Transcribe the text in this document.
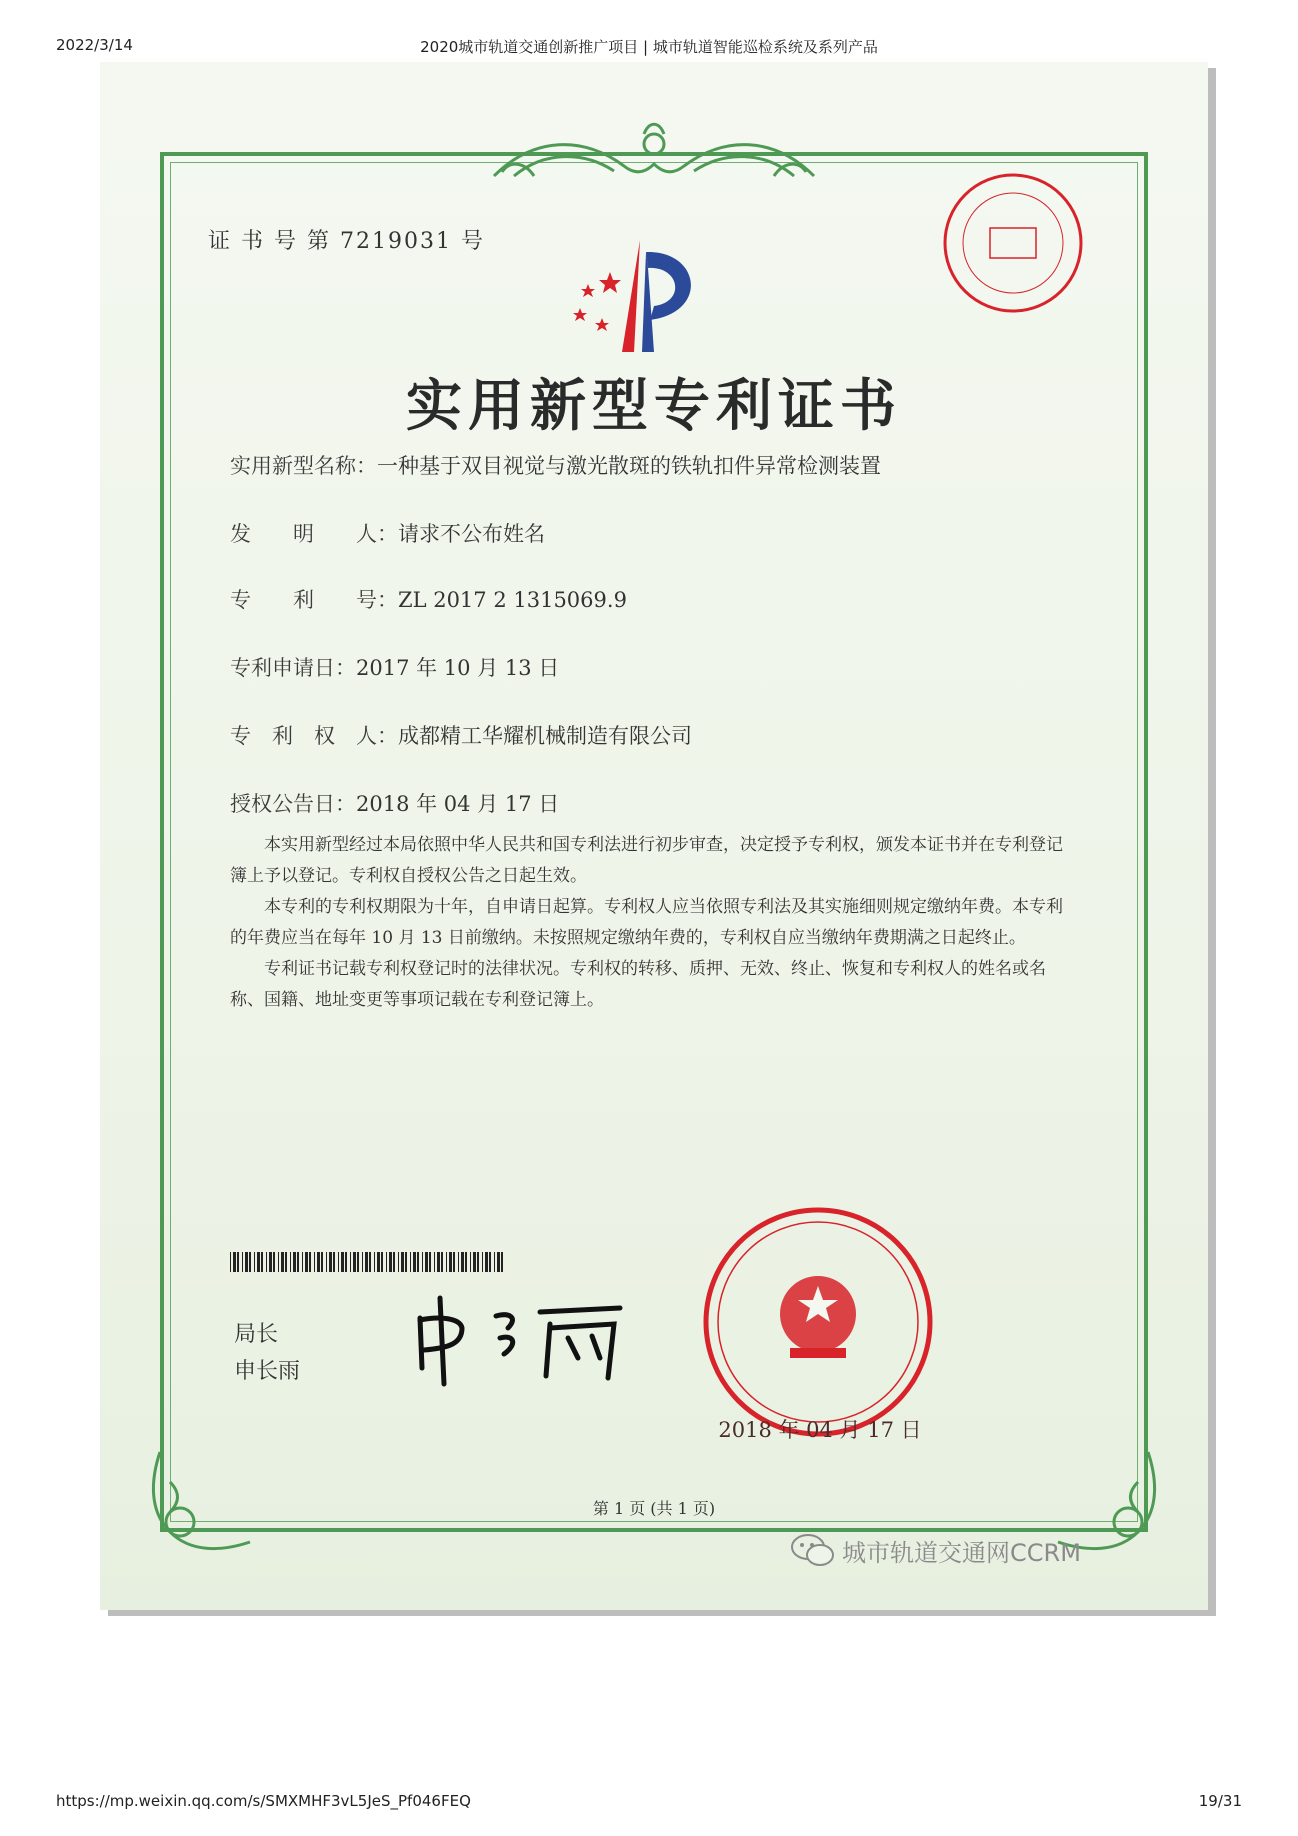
2022/3/14	2020城市轨道交通创新推广项目 | 城市轨道智能巡检系统及系列产品
证 书 号 第 7219031 号
实用新型专利证书
实用新型名称：一种基于双目视觉与激光散斑的铁轨扣件异常检测装置
发　　明　　人：请求不公布姓名
专　　利　　号：ZL 2017 2 1315069.9
专利申请日：2017 年 10 月 13 日
专　利　权　人：成都精工华耀机械制造有限公司
授权公告日：2018 年 04 月 17 日

本实用新型经过本局依照中华人民共和国专利法进行初步审查，决定授予专利权，颁发本证书并在专利登记簿上予以登记。专利权自授权公告之日起生效。

本专利的专利权期限为十年，自申请日起算。专利权人应当依照专利法及其实施细则规定缴纳年费。本专利的年费应当在每年 10 月 13 日前缴纳。未按照规定缴纳年费的，专利权自应当缴纳年费期满之日起终止。

专利证书记载专利权登记时的法律状况。专利权的转移、质押、无效、终止、恢复和专利权人的姓名或名称、国籍、地址变更等事项记载在专利登记簿上。

局长
申长雨
2018 年 04 月 17 日
第 1 页 (共 1 页)
城市轨道交通网CCRM
https://mp.weixin.qq.com/s/SMXMHF3vL5JeS_Pf046FEQ	19/31
